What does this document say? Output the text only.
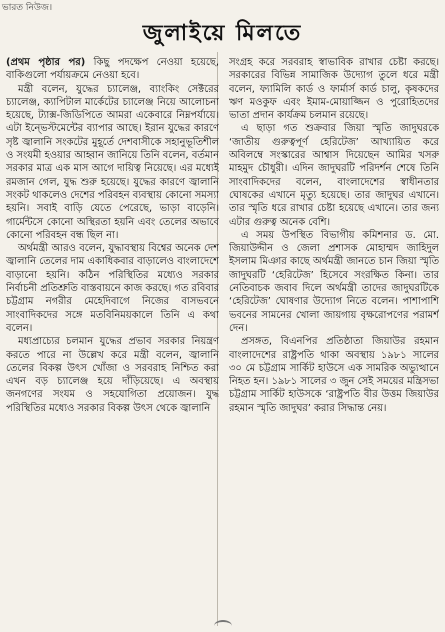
ভারত নিউজ।
জুলাইয়ে মিলতে

(প্রথম পৃষ্ঠার পর) কিছু পদক্ষেপ নেওয়া হয়েছে, বাকিগুলো পর্যায়ক্রমে নেওয়া হবে।

মন্ত্রী বলেন, যুদ্ধের চ্যালেঞ্জ, ব্যাংকিং সেক্টরের চ্যালেঞ্জ, ক্যাপিটাল মার্কেটের চ্যালেঞ্জ নিয়ে আলোচনা হয়েছে, ট্যাক্স-জিডিপিতে আমরা একেবারে নিম্নপর্যায়ে। এটা ইন্ভেস্টমেন্টের ব্যাপার আছে। ইরান যুদ্ধের কারণে সৃষ্ট জ্বালানি সংকটের মুহূর্তে দেশবাসীকে সহানুভূতিশীল ও সংযমী হওয়ার আহ্বান জানিয়ে তিনি বলেন, বর্তমান সরকার মাত্র এক মাস আগে দায়িত্ব নিয়েছে। এর মধ্যেই রমজান গেল, যুদ্ধ শুরু হয়েছে। যুদ্ধের কারণে জ্বালানি সংকট থাকলেও দেশের পরিবহন ব্যবস্থায় কোনো সমস্যা হয়নি। সবাই বাড়ি যেতে পেরেছে, ভাড়া বাড়েনি। গার্মেন্টসে কোনো অস্থিরতা হয়নি এবং তেলের অভাবে কোনো পরিবহন বন্ধ ছিল না।

অর্থমন্ত্রী আরও বলেন, যুদ্ধাবস্থায় বিশ্বের অনেক দেশ জ্বালানি তেলের দাম একাধিকবার বাড়ালেও বাংলাদেশে বাড়ানো হয়নি। কঠিন পরিস্থিতির মধ্যেও সরকার নির্বাচনী প্রতিশ্রুতি বাস্তবায়নে কাজ করছে। গত রবিবার চট্টগ্রাম নগরীর মেহেদিবাগে নিজের বাসভবনে সাংবাদিকদের সঙ্গে মতবিনিময়কালে তিনি এ কথা বলেন।

মধ্যপ্রাচ্যের চলমান যুদ্ধের প্রভাব সরকার নিয়ন্ত্রণ করতে পারে না উল্লেখ করে মন্ত্রী বলেন, জ্বালানি তেলের বিকল্প উৎস খোঁজা ও সরবরাহ নিশ্চিত করা এখন বড় চ্যালেঞ্জ হয়ে দাঁড়িয়েছে। এ অবস্থায় জনগণের সংযম ও সহযোগিতা প্রয়োজন। যুদ্ধ পরিস্থিতির মধ্যেও সরকার বিকল্প উৎস থেকে জ্বালানি

সংগ্রহ করে সরবরাহ স্বাভাবিক রাখার চেষ্টা করছে। সরকারের বিভিন্ন সামাজিক উদ্যোগ তুলে ধরে মন্ত্রী বলেন, ফ্যামিলি কার্ড ও ফার্মার্স কার্ড চালু, কৃষকদের ঋণ মওকুফ এবং ইমাম-মোয়াজ্জিন ও পুরোহিতদের ভাতা প্রদান কার্যক্রম চলমান রয়েছে।

এ ছাড়া গত শুক্রবার জিয়া স্মৃতি জাদুঘরকে ‘জাতীয় গুরুত্বপূর্ণ হেরিটেজ’ আখ্যায়িত করে অবিলম্বে সংস্কারের আশ্বাস দিয়েছেন আমির খসরু মাহমুদ চৌধুরী। এদিন জাদুঘরটি পরিদর্শন শেষে তিনি সাংবাদিকদের বলেন, বাংলাদেশের স্বাধীনতার ঘোষকের এখানে মৃত্যু হয়েছে। তার জাদুঘর এখানে। তার স্মৃতি ধরে রাখার চেষ্টা হয়েছে এখানে। তার জন্য এটার গুরুত্ব অনেক বেশি।

এ সময় উপস্থিত বিভাগীয় কমিশনার ড. মো. জিয়াউদ্দীন ও জেলা প্রশাসক মোহাম্মদ জাহিদুল ইসলাম মিঞার কাছে অর্থমন্ত্রী জানতে চান জিয়া স্মৃতি জাদুঘরটি ‘হেরিটেজ’ হিসেবে সংরক্ষিত কিনা। তার নেতিবাচক জবাব দিলে অর্থমন্ত্রী তাদের জাদুঘরটিকে ‘হেরিটেজ’ ঘোষণার উদ্যোগ নিতে বলেন। পাশাপাশি ভবনের সামনের খোলা জায়গায় বৃক্ষরোপণের পরামর্শ দেন।

প্রসঙ্গত, বিএনপির প্রতিষ্ঠাতা জিয়াউর রহমান বাংলাদেশের রাষ্ট্রপতি থাকা অবস্থায় ১৯৮১ সালের ৩০ মে চট্টগ্রাম সার্কিট হাউসে এক সামরিক অভ্যুত্থানে নিহত হন। ১৯৮১ সালের ৩ জুন সেই সময়ের মন্ত্রিসভা চট্টগ্রাম সার্কিট হাউসকে ‘রাষ্ট্রপতি বীর উত্তম জিয়াউর রহমান স্মৃতি জাদুঘর’ করার সিদ্ধান্ত নেয়।
